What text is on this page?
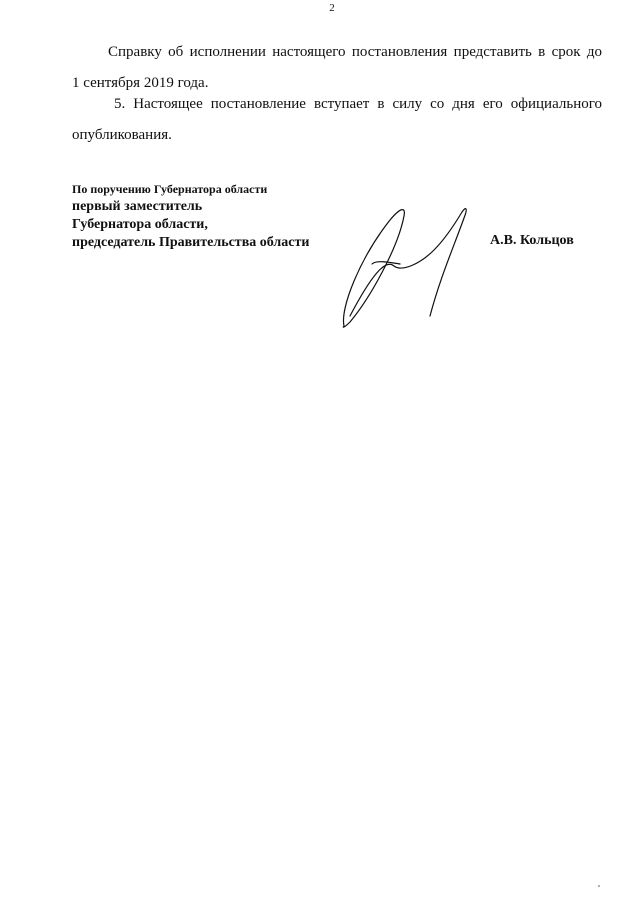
2
Справку об исполнении настоящего постановления представить в срок до
1 сентября 2019 года.
5. Настоящее постановление вступает в силу со дня его официального
опубликования.
По поручению Губернатора области
первый заместитель
Губернатора области,
председатель Правительства области	А.В. Кольцов
